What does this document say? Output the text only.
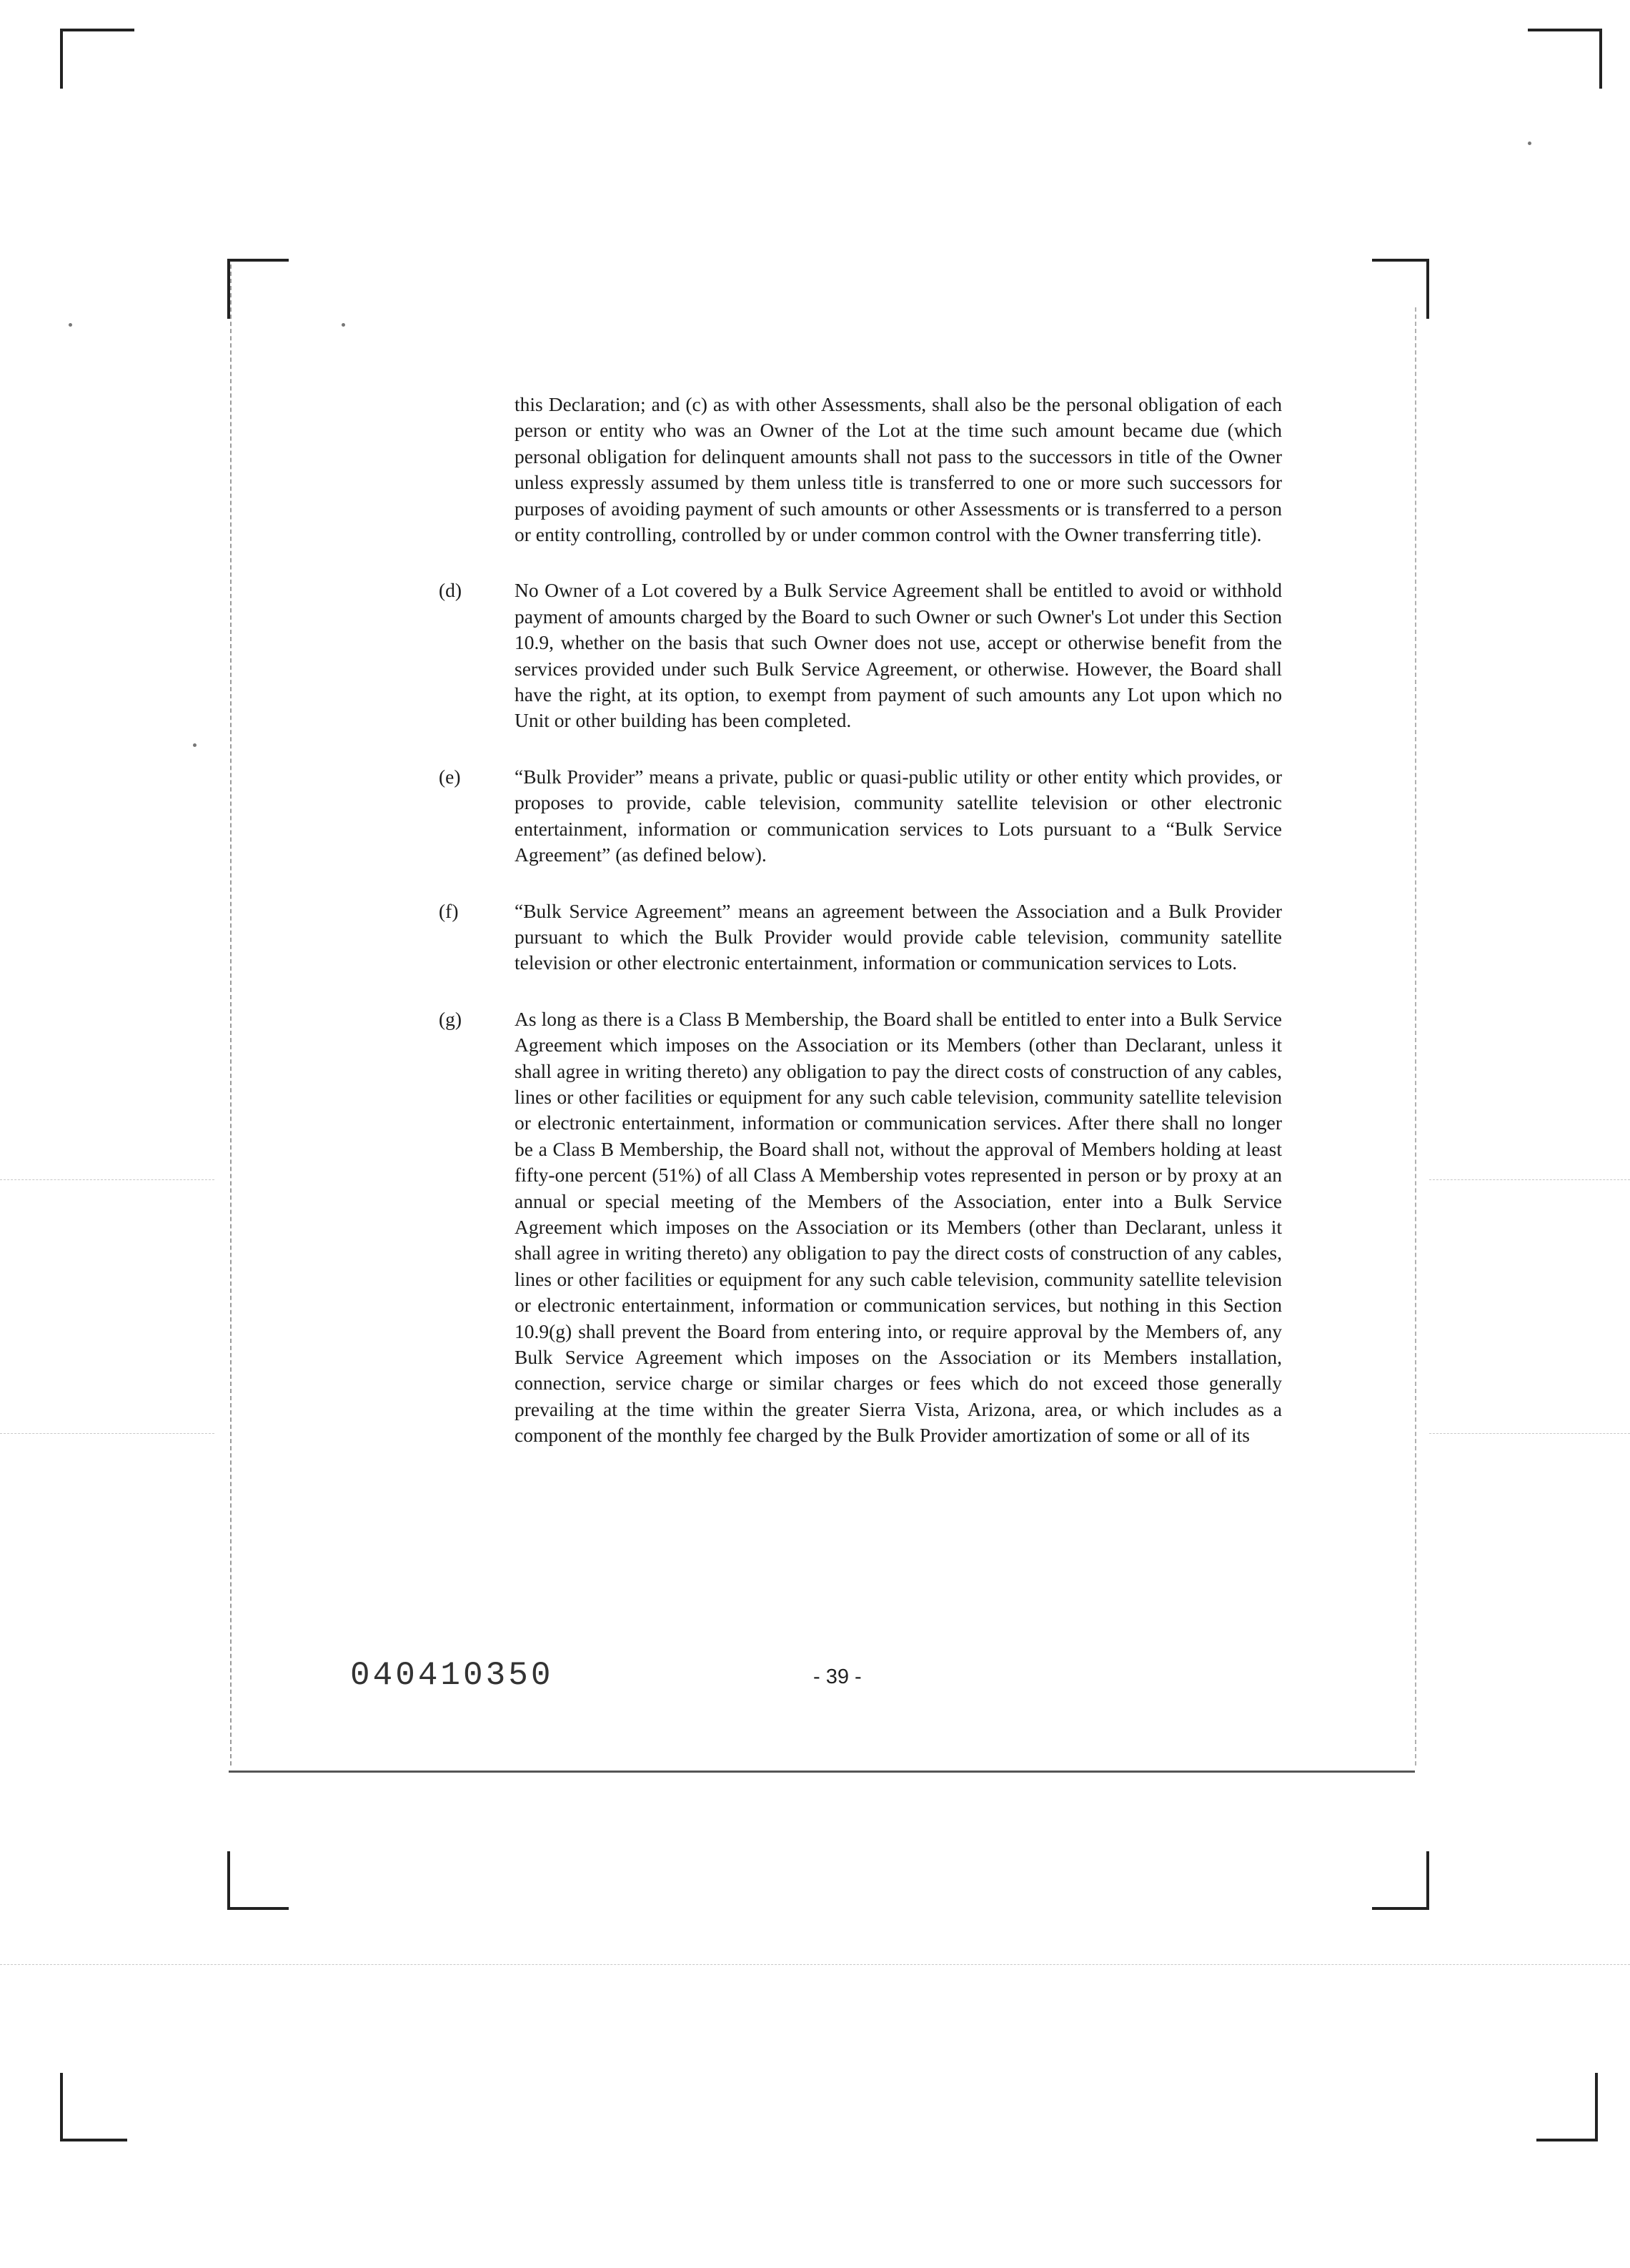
this Declaration; and (c) as with other Assessments, shall also be the personal obligation of each person or entity who was an Owner of the Lot at the time such amount became due (which personal obligation for delinquent amounts shall not pass to the successors in title of the Owner unless expressly assumed by them unless title is transferred to one or more such successors for purposes of avoiding payment of such amounts or other Assessments or is transferred to a person or entity controlling, controlled by or under common control with the Owner transferring title).

(d)	No Owner of a Lot covered by a Bulk Service Agreement shall be entitled to avoid or withhold payment of amounts charged by the Board to such Owner or such Owner's Lot under this Section 10.9, whether on the basis that such Owner does not use, accept or otherwise benefit from the services provided under such Bulk Service Agreement, or otherwise. However, the Board shall have the right, at its option, to exempt from payment of such amounts any Lot upon which no Unit or other building has been completed.

(e)	“Bulk Provider” means a private, public or quasi-public utility or other entity which provides, or proposes to provide, cable television, community satellite television or other electronic entertainment, information or communication services to Lots pursuant to a “Bulk Service Agreement” (as defined below).

(f)	“Bulk Service Agreement” means an agreement between the Association and a Bulk Provider pursuant to which the Bulk Provider would provide cable television, community satellite television or other electronic entertainment, information or communication services to Lots.

(g)	As long as there is a Class B Membership, the Board shall be entitled to enter into a Bulk Service Agreement which imposes on the Association or its Members (other than Declarant, unless it shall agree in writing thereto) any obligation to pay the direct costs of construction of any cables, lines or other facilities or equipment for any such cable television, community satellite television or electronic entertainment, information or communication services. After there shall no longer be a Class B Membership, the Board shall not, without the approval of Members holding at least fifty-one percent (51%) of all Class A Membership votes represented in person or by proxy at an annual or special meeting of the Members of the Association, enter into a Bulk Service Agreement which imposes on the Association or its Members (other than Declarant, unless it shall agree in writing thereto) any obligation to pay the direct costs of construction of any cables, lines or other facilities or equipment for any such cable television, community satellite television or electronic entertainment, information or communication services, but nothing in this Section 10.9(g) shall prevent the Board from entering into, or require approval by the Members of, any Bulk Service Agreement which imposes on the Association or its Members installation, connection, service charge or similar charges or fees which do not exceed those generally prevailing at the time within the greater Sierra Vista, Arizona, area, or which includes as a component of the monthly fee charged by the Bulk Provider amortization of some or all of its

040410350	- 39 -
